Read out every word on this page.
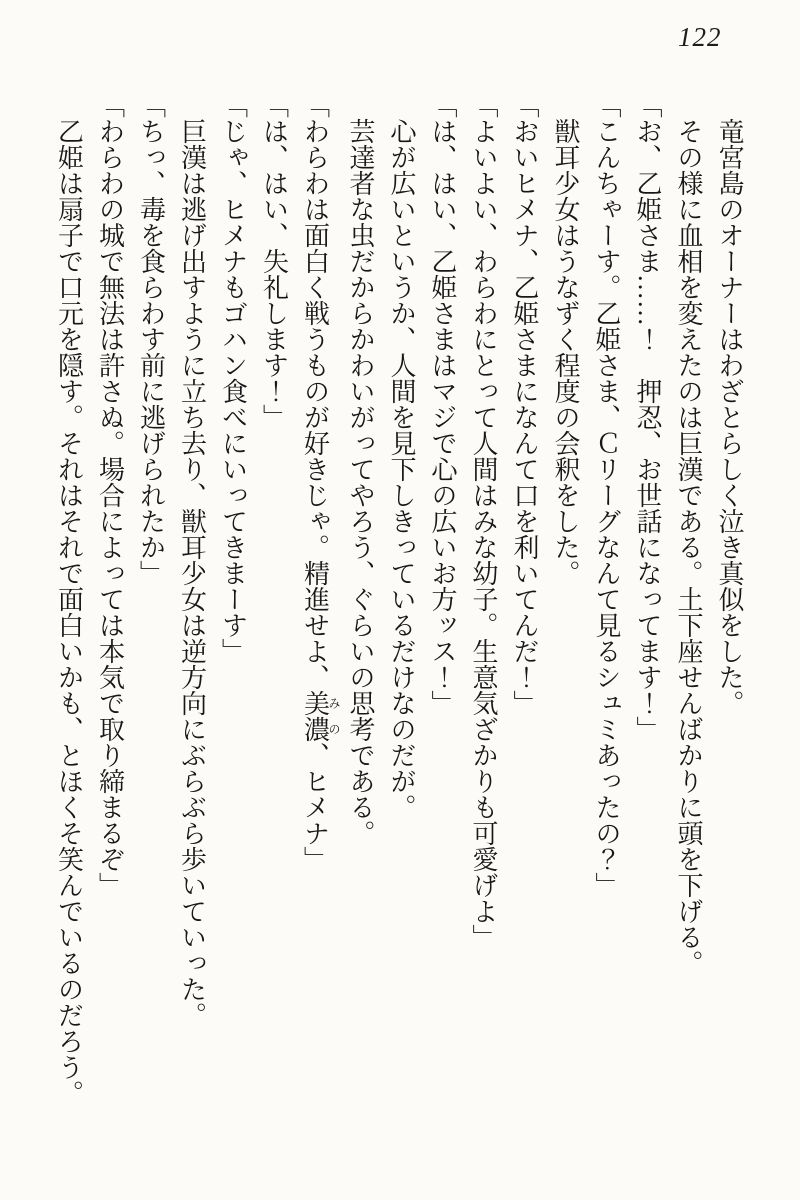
122

竜宮島のオーナーはわざとらしく泣き真似をした。

その様に血相を変えたのは巨漢である。土下座せんばかりに頭を下げる。

「お、乙姫さま……！　押忍、お世話になってます！」

「こんちゃーす。乙姫さま、Ｃリーグなんて見るシュミあったの？」

獣耳少女はうなずく程度の会釈をした。

「おいヒメナ、乙姫さまになんて口を利いてんだ！」

「よいよい、わらわにとって人間はみな幼子。生意気ざかりも可愛げよ」

「は、はい、乙姫さまはマジで心の広いお方ッス！」

心が広いというか、人間を見下しきっているだけなのだが。

芸達者な虫だからかわいがってやろう、ぐらいの思考である。

「わらわは面白く戦うものが好きじゃ。精進せよ、美濃みの、ヒメナ」

「は、はい、失礼します！」

「じゃ、ヒメナもゴハン食べにいってきまーす」

巨漢は逃げ出すように立ち去り、獣耳少女は逆方向にぶらぶら歩いていった。

「ちっ、毒を食らわす前に逃げられたか」

「わらわの城で無法は許さぬ。場合によっては本気で取り締まるぞ」

乙姫は扇子で口元を隠す。それはそれで面白いかも、とほくそ笑んでいるのだろう。
